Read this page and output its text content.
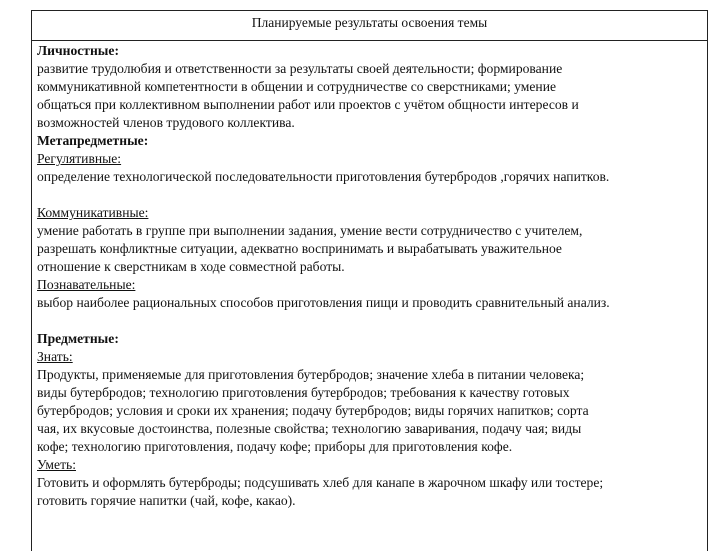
Планируемые результаты освоения темы
Личностные:
развитие трудолюбия и ответственности за результаты своей деятельности; формирование
коммуникативной компетентности в общении и сотрудничестве со сверстниками; умение
общаться при коллективном выполнении работ или проектов с учётом общности интересов и
возможностей членов трудового коллектива.
Метапредметные:
Регулятивные:
определение технологической последовательности приготовления бутербродов ,горячих напитков.
Коммуникативные:
умение работать в группе при выполнении задания, умение вести сотрудничество с учителем,
разрешать конфликтные ситуации, адекватно воспринимать и вырабатывать уважительное
отношение к сверстникам в ходе совместной работы.
Познавательные:
выбор наиболее рациональных способов приготовления пищи и проводить сравнительный анализ.
Предметные:
Знать:
Продукты, применяемые для приготовления бутербродов; значение хлеба в питании человека;
виды бутербродов; технологию приготовления бутербродов; требования к качеству готовых
бутербродов; условия и сроки их хранения; подачу бутербродов; виды горячих напитков; сорта
чая, их вкусовые достоинства, полезные свойства; технологию заваривания, подачу чая; виды
кофе; технологию приготовления, подачу кофе; приборы для приготовления кофе.
Уметь:
Готовить и оформлять бутерброды; подсушивать хлеб для канапе в жарочном шкафу или тостере;
готовить горячие напитки (чай, кофе, какао).
